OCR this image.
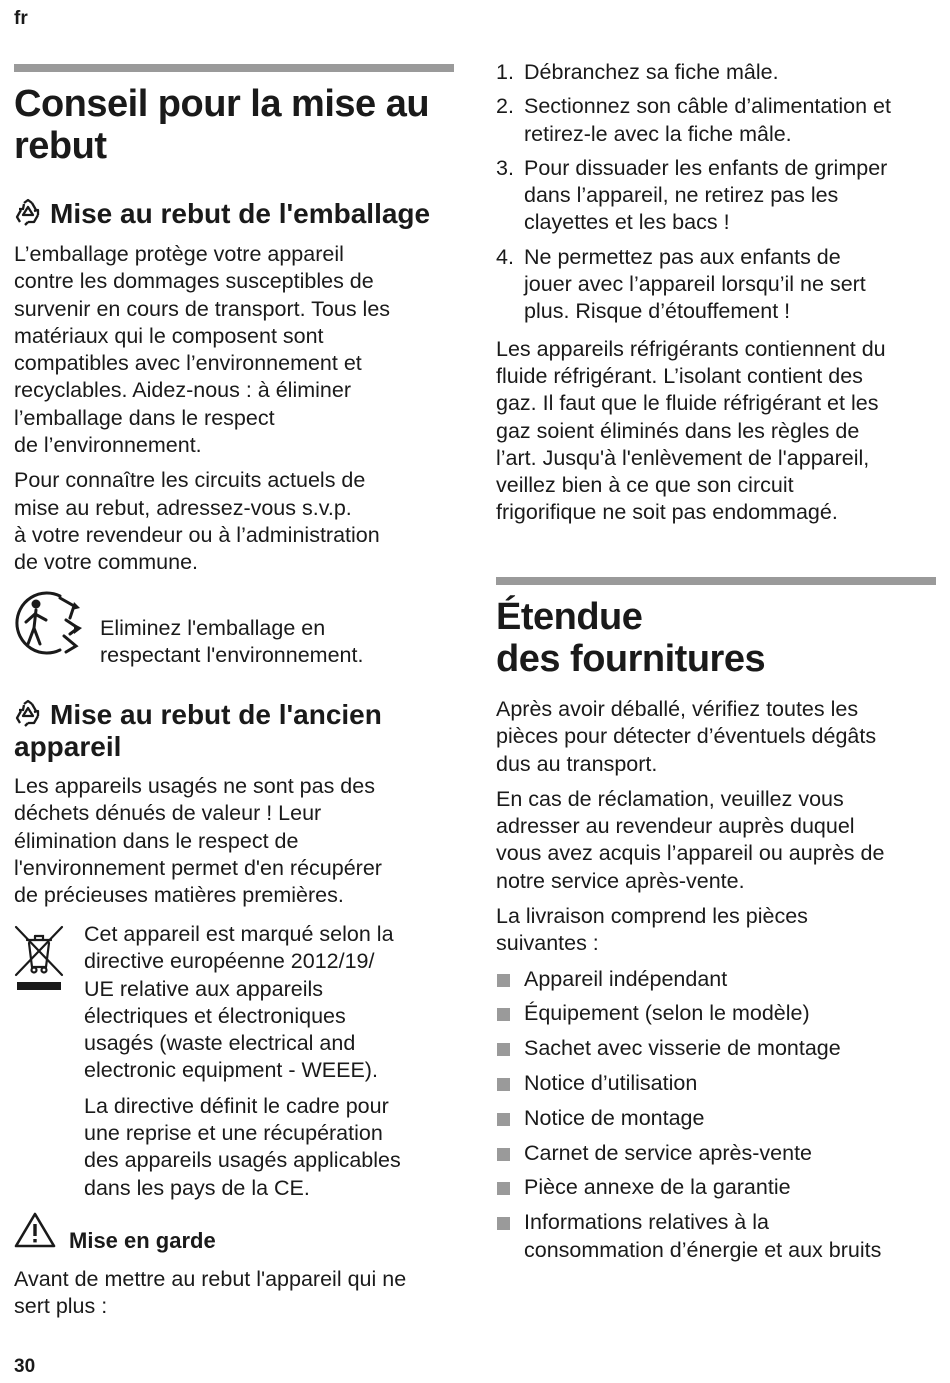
fr
Conseil pour la mise au
rebut
Mise au rebut de l'emballage

L’emballage protège votre appareil
contre les dommages susceptibles de
survenir en cours de transport. Tous les
matériaux qui le composent sont
compatibles avec l’environnement et
recyclables. Aidez-nous : à éliminer
l’emballage dans le respect
de l’environnement.

Pour connaître les circuits actuels de
mise au rebut, adressez-vous s.v.p.
à votre revendeur ou à l’administration
de votre commune.

Eliminez l'emballage en
respectant l'environnement.

Mise au rebut de l'ancien
appareil

Les appareils usagés ne sont pas des
déchets dénués de valeur ! Leur
élimination dans le respect de
l'environnement permet d'en récupérer
de précieuses matières premières.

Cet appareil est marqué selon la
directive européenne 2012/19/
UE relative aux appareils
électriques et électroniques
usagés (waste electrical and
electronic equipment - WEEE).

La directive définit le cadre pour
une reprise et une récupération
des appareils usagés applicables
dans les pays de la CE.

Mise en garde

Avant de mettre au rebut l'appareil qui ne
sert plus :

30
1. Débranchez sa fiche mâle.
2. Sectionnez son câble d’alimentation et
retirez-le avec la fiche mâle.
3. Pour dissuader les enfants de grimper
dans l’appareil, ne retirez pas les
clayettes et les bacs !
4. Ne permettez pas aux enfants de
jouer avec l’appareil lorsqu’il ne sert
plus. Risque d’étouffement !

Les appareils réfrigérants contiennent du
fluide réfrigérant. L’isolant contient des
gaz. Il faut que le fluide réfrigérant et les
gaz soient éliminés dans les règles de
l’art. Jusqu'à l'enlèvement de l'appareil,
veillez bien à ce que son circuit
frigorifique ne soit pas endommagé.

Étendue
des fournitures

Après avoir déballé, vérifiez toutes les
pièces pour détecter d’éventuels dégâts
dus au transport.

En cas de réclamation, veuillez vous
adresser au revendeur auprès duquel
vous avez acquis l’appareil ou auprès de
notre service après-vente.

La livraison comprend les pièces
suivantes :

Appareil indépendant
Équipement (selon le modèle)
Sachet avec visserie de montage
Notice d’utilisation
Notice de montage
Carnet de service après-vente
Pièce annexe de la garantie
Informations relatives à la
consommation d’énergie et aux bruits
